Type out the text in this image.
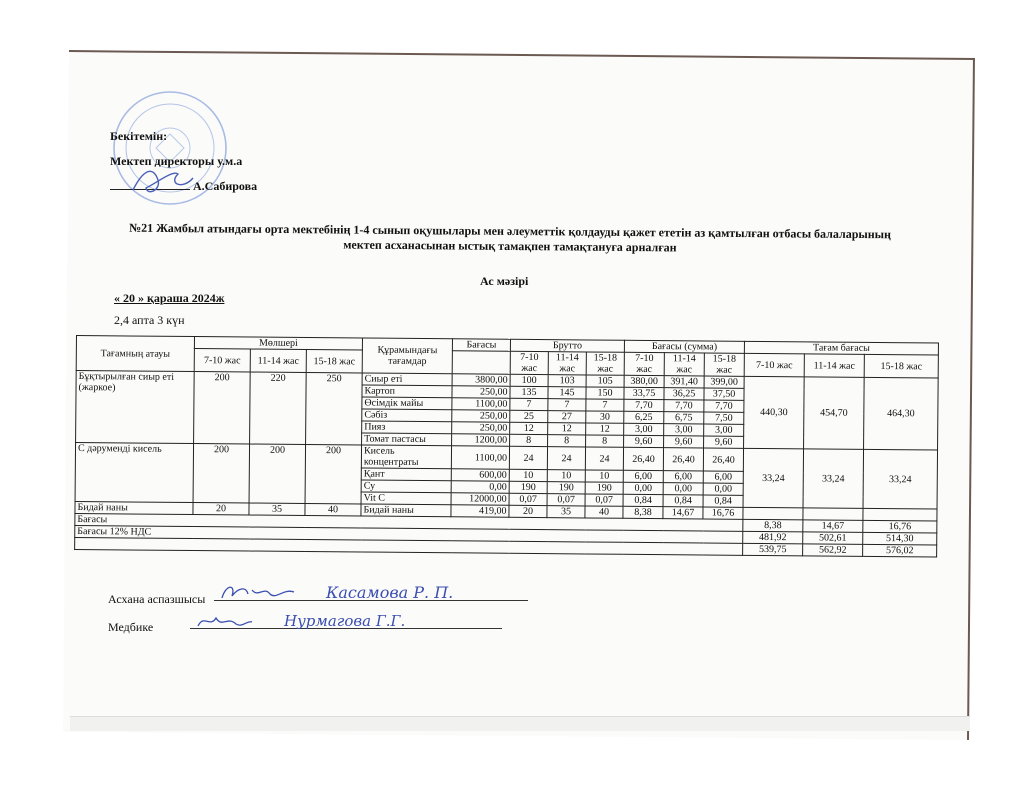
Бекітемін:
Мектеп директоры у.м.а
А.Сабирова
№21 Жамбыл атындағы орта мектебінің 1-4 сынып оқушылары мен әлеуметтік қолдауды қажет ететін аз қамтылған отбасы балаларының
мектеп асханасынан ыстық тамақпен тамақтануға арналған
Ас мәзірі
« 20 » қараша 2024ж
2,4 апта 3 күн
Тағамның атауы	Мөлшері			Құрамындағы тағамдар	Бағасы	Брутто			Бағасы (сумма)			Тағам бағасы		
	7-10 жас	11-14 жас	15-18 жас			7-10 жас	11-14 жас	15-18 жас	7-10 жас	11-14 жас	15-18 жас	7-10 жас	11-14 жас	15-18 жас
Бұқтырылған сиыр еті (жаркое)	200	220	250	Сиыр еті	3800,00	100	103	105	380,00	391,40	399,00	440,30	454,70	464,30
				Картоп	250,00	135	145	150	33,75	36,25	37,50			
				Өсімдік майы	1100,00	7	7	7	7,70	7,70	7,70			
				Сәбіз	250,00	25	27	30	6,25	6,75	7,50			
				Пияз	250,00	12	12	12	3,00	3,00	3,00			
				Томат пастасы	1200,00	8	8	8	9,60	9,60	9,60			
С дәруменді кисель	200	200	200	Кисель концентраты	1100,00	24	24	24	26,40	26,40	26,40	33,24	33,24	33,24
				Қант	600,00	10	10	10	6,00	6,00	6,00			
				Су	0,00	190	190	190	0,00	0,00	0,00			
				Vit C	12000,00	0,07	0,07	0,07	0,84	0,84	0,84			
Бидай наны	20	35	40	Бидай наны	419,00	20	35	40	8,38	14,67	16,76			
Бағасы												8,38	14,67	16,76
Бағасы 12% НДС												481,92	502,61	514,30
												539,75	562,92	576,02
Асхана аспазшысы
Медбике
Касамова Р. П.
Нурмагова Г.Г.
